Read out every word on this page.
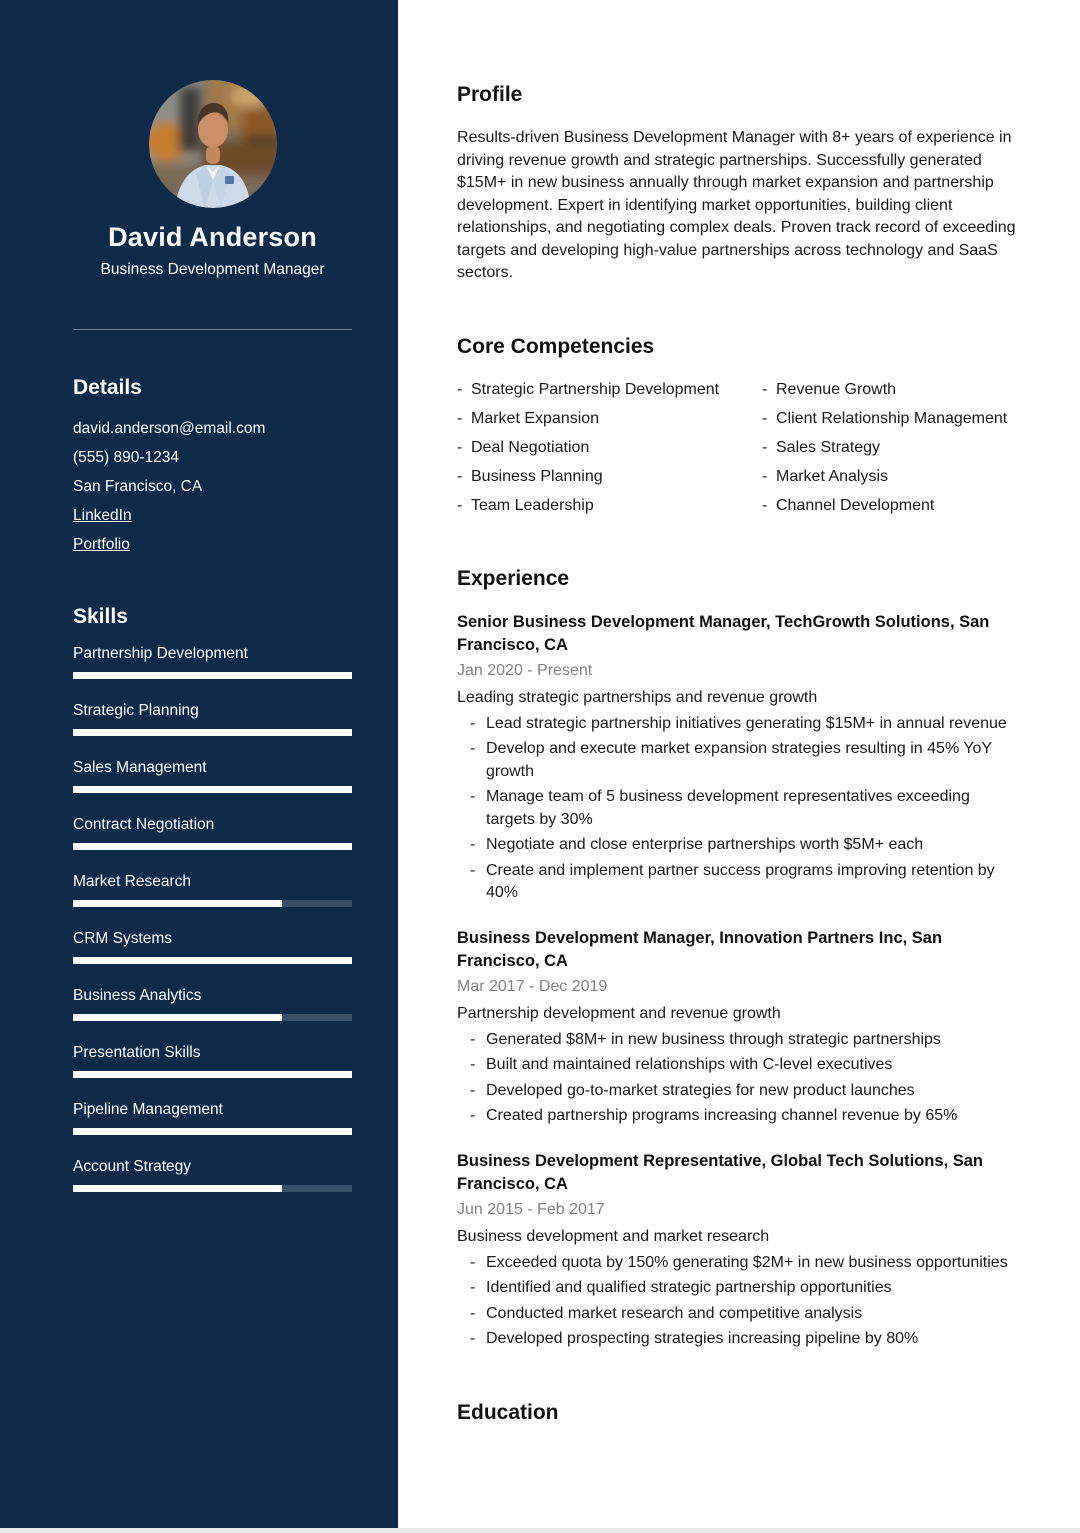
David Anderson
Business Development Manager
Details
david.anderson@email.com
(555) 890-1234
San Francisco, CA
LinkedIn
Portfolio
Skills
Partnership Development
Strategic Planning
Sales Management
Contract Negotiation
Market Research
CRM Systems
Business Analytics
Presentation Skills
Pipeline Management
Account Strategy
Profile

Results-driven Business Development Manager with 8+ years of experience in driving revenue growth and strategic partnerships. Successfully generated $15M+ in new business annually through market expansion and partnership development. Expert in identifying market opportunities, building client relationships, and negotiating complex deals. Proven track record of exceeding targets and developing high-value partnerships across technology and SaaS sectors.

Core Competencies
- Strategic Partnership Development	- Revenue Growth
- Market Expansion	- Client Relationship Management
- Deal Negotiation	- Sales Strategy
- Business Planning	- Market Analysis
- Team Leadership	- Channel Development
Experience
Senior Business Development Manager, TechGrowth Solutions, San Francisco, CA
Jan 2020 - Present
Leading strategic partnerships and revenue growth
- Lead strategic partnership initiatives generating $15M+ in annual revenue
- Develop and execute market expansion strategies resulting in 45% YoY growth
- Manage team of 5 business development representatives exceeding targets by 30%
- Negotiate and close enterprise partnerships worth $5M+ each
- Create and implement partner success programs improving retention by 40%
Business Development Manager, Innovation Partners Inc, San Francisco, CA
Mar 2017 - Dec 2019
Partnership development and revenue growth
- Generated $8M+ in new business through strategic partnerships
- Built and maintained relationships with C-level executives
- Developed go-to-market strategies for new product launches
- Created partnership programs increasing channel revenue by 65%
Business Development Representative, Global Tech Solutions, San Francisco, CA
Jun 2015 - Feb 2017
Business development and market research
- Exceeded quota by 150% generating $2M+ in new business opportunities
- Identified and qualified strategic partnership opportunities
- Conducted market research and competitive analysis
- Developed prospecting strategies increasing pipeline by 80%
Education
